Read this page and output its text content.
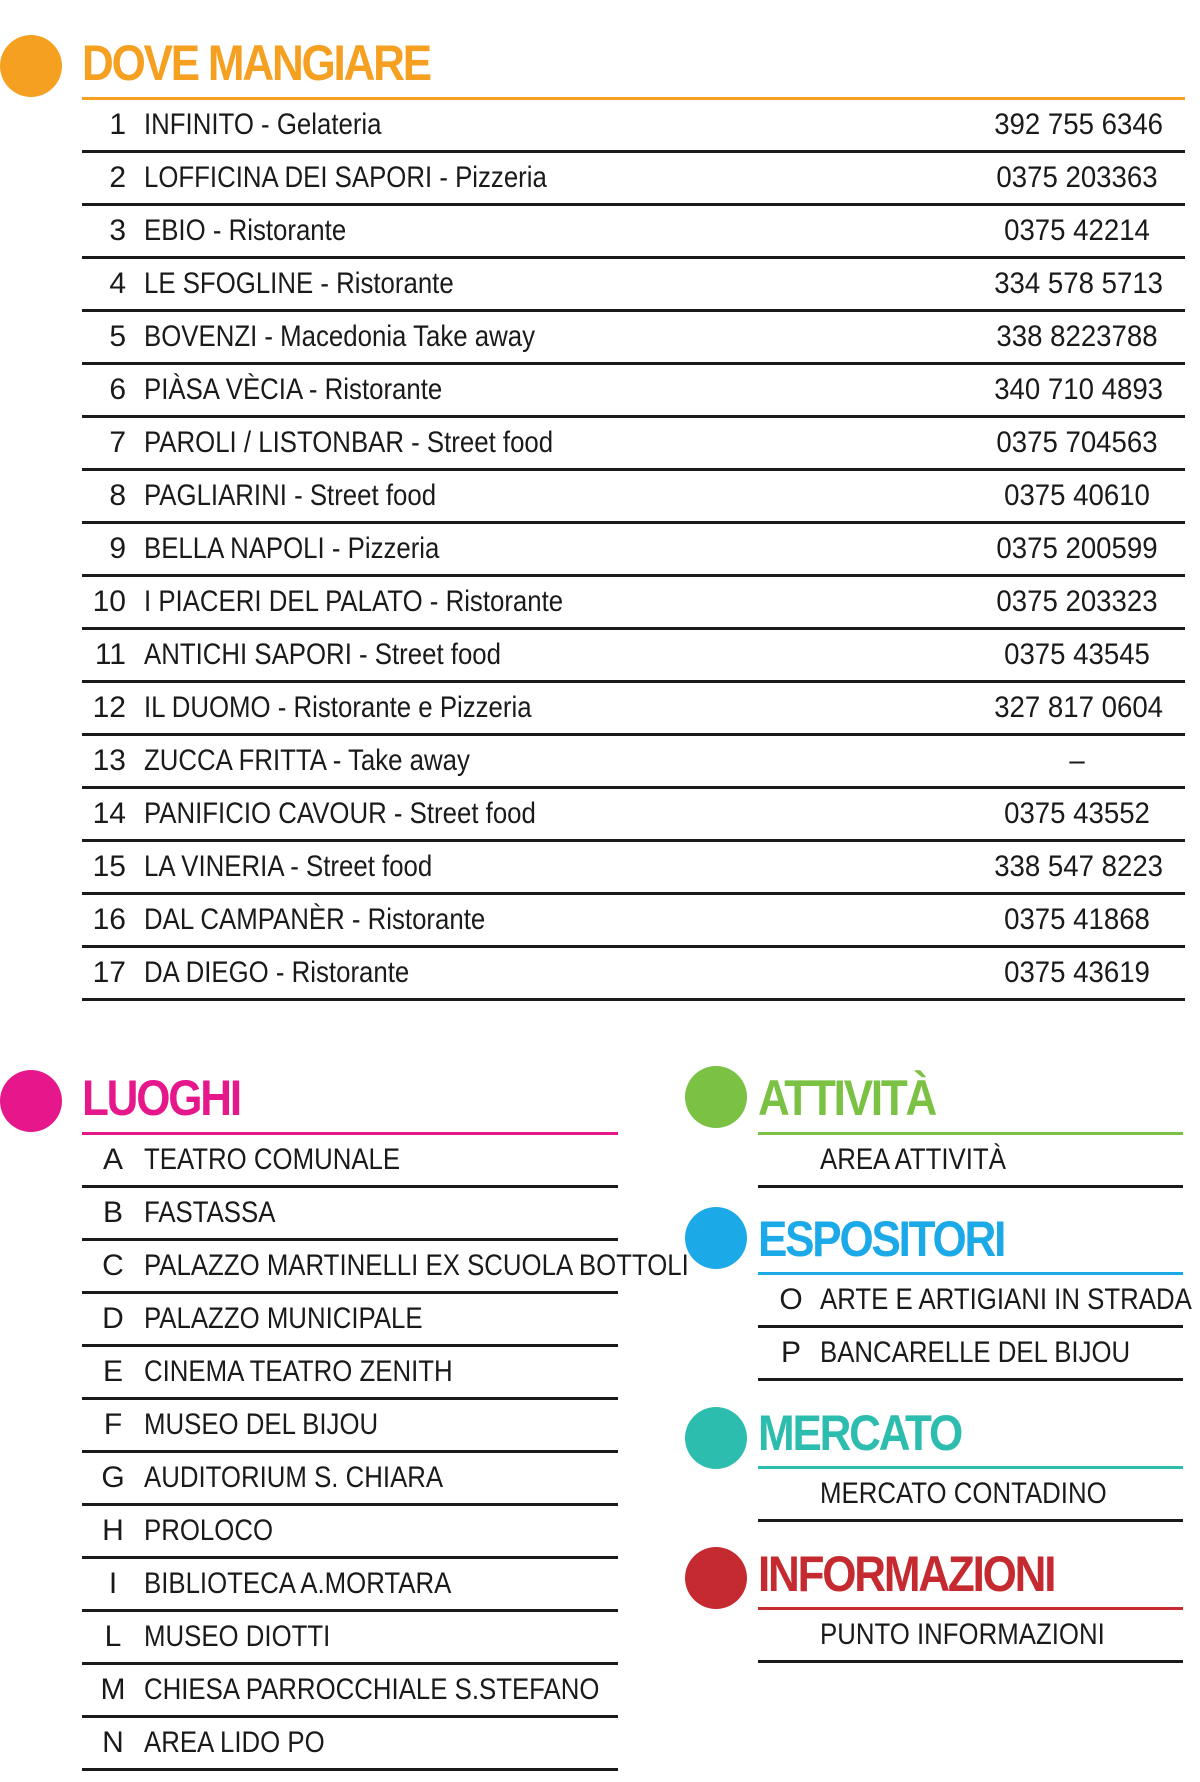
DOVE MANGIARE
1 INFINITO - Gelateria	392 755 6346
2 LOFFICINA DEI SAPORI - Pizzeria	0375 203363
3 EBIO - Ristorante	0375 42214
4 LE SFOGLINE - Ristorante	334 578 5713
5 BOVENZI - Macedonia Take away	338 8223788
6 PIÀSA VÈCIA - Ristorante	340 710 4893
7 PAROLI / LISTONBAR - Street food	0375 704563
8 PAGLIARINI - Street food	0375 40610
9 BELLA NAPOLI - Pizzeria	0375 200599
10 I PIACERI DEL PALATO - Ristorante	0375 203323
11 ANTICHI SAPORI - Street food	0375 43545
12 IL DUOMO - Ristorante e Pizzeria	327 817 0604
13 ZUCCA FRITTA - Take away	–
14 PANIFICIO CAVOUR - Street food	0375 43552
15 LA VINERIA - Street food	338 547 8223
16 DAL CAMPANÈR - Ristorante	0375 41868
17 DA DIEGO - Ristorante	0375 43619
LUOGHI
A TEATRO COMUNALE
B FASTASSA
C PALAZZO MARTINELLI EX SCUOLA BOTTOLI
D PALAZZO MUNICIPALE
E CINEMA TEATRO ZENITH
F MUSEO DEL BIJOU
G AUDITORIUM S. CHIARA
H PROLOCO
I BIBLIOTECA A.MORTARA
L MUSEO DIOTTI
M CHIESA PARROCCHIALE S.STEFANO
N AREA LIDO PO
ATTIVITÀ
AREA ATTIVITÀ
ESPOSITORI
O ARTE E ARTIGIANI IN STRADA
P BANCARELLE DEL BIJOU
MERCATO
MERCATO CONTADINO
INFORMAZIONI
PUNTO INFORMAZIONI
